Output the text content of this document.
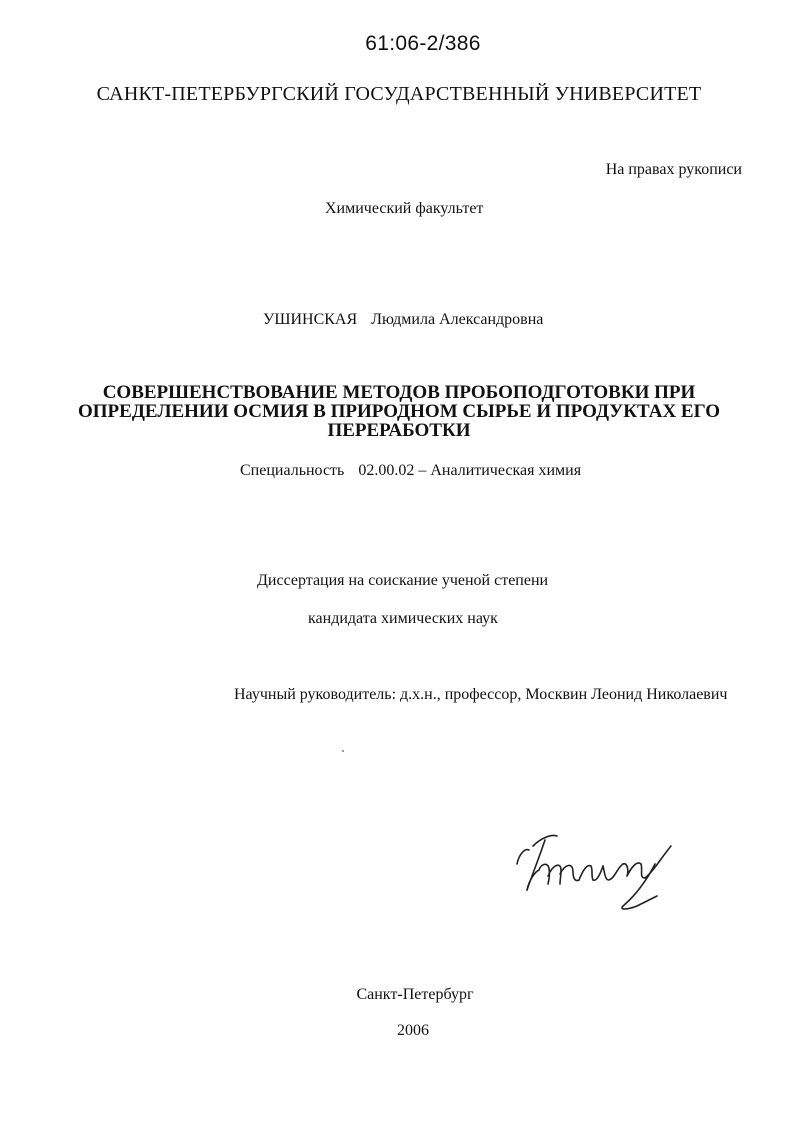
61:06-2/386
САНКТ-ПЕТЕРБУРГСКИЙ ГОСУДАРСТВЕННЫЙ УНИВЕРСИТЕТ
На правах рукописи
Химический факультет
УШИНСКАЯ Людмила Александровна
СОВЕРШЕНСТВОВАНИЕ МЕТОДОВ ПРОБОПОДГОТОВКИ ПРИ
ОПРЕДЕЛЕНИИ ОСМИЯ В ПРИРОДНОМ СЫРЬЕ И ПРОДУКТАХ ЕГО
ПЕРЕРАБОТКИ
Специальность 02.00.02 – Аналитическая химия
Диссертация на соискание ученой степени
кандидата химических наук
Научный руководитель: д.х.н., профессор, Москвин Леонид Николаевич
Ушинская
Санкт-Петербург
2006
